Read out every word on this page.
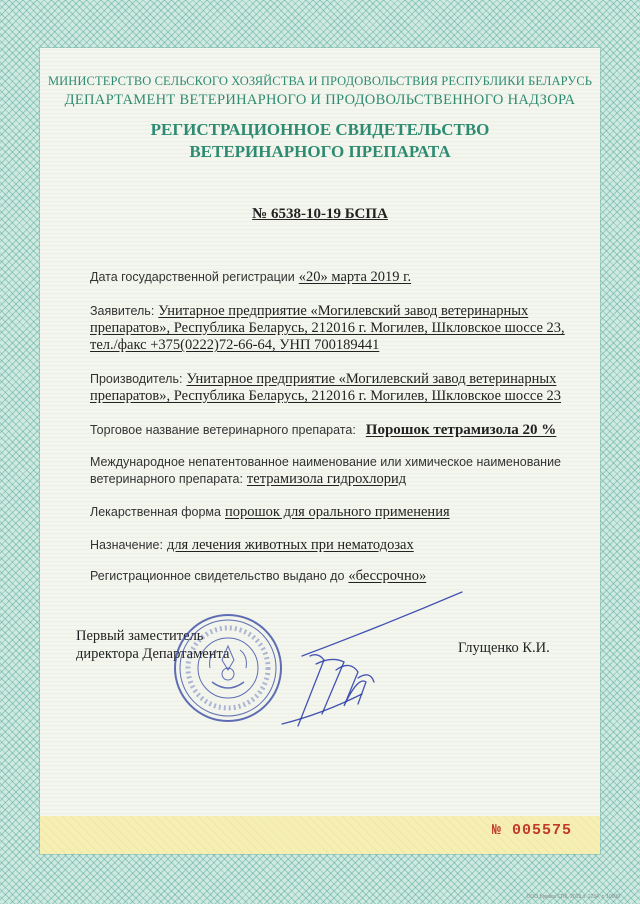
МИНИСТЕРСТВО СЕЛЬСКОГО ХОЗЯЙСТВА И ПРОДОВОЛЬСТВИЯ РЕСПУБЛИКИ БЕЛАРУСЬ
ДЕПАРТАМЕНТ ВЕТЕРИНАРНОГО И ПРОДОВОЛЬСТВЕННОГО НАДЗОРА
РЕГИСТРАЦИОННОЕ СВИДЕТЕЛЬСТВО
ВЕТЕРИНАРНОГО ПРЕПАРАТА
№ 6538-10-19 БСПА
Дата государственной регистрации «20» марта 2019 г.
Заявитель: Унитарное предприятие «Могилевский завод ветеринарных
препаратов», Республика Беларусь, 212016 г. Могилев, Шкловское шоссе 23,
тел./факс +375(0222)72-66-64, УНП 700189441
Производитель: Унитарное предприятие «Могилевский завод ветеринарных
препаратов», Республика Беларусь, 212016 г. Могилев, Шкловское шоссе 23
Торговое название ветеринарного препарата: Порошок тетрамизола 20 %
Международное непатентованное наименование или химическое наименование
ветеринарного препарата: тетрамизола гидрохлорид
Лекарственная форма порошок для орального применения
Назначение: для лечения животных при нематодозах
Регистрационное свидетельство выдано до «бессрочно»
Первый заместитель
директора Департамента	Глущенко К.И.
№ 005575
ООО Бумага СПб, 2019 з. 1234, т. 10000
